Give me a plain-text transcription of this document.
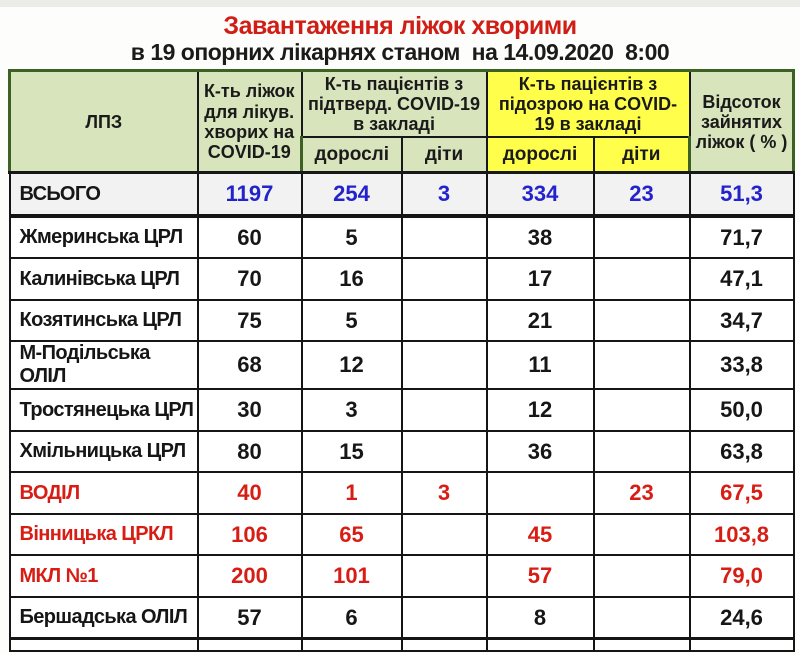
Завантаження ліжок хворими
в 19 опорних лікарнях станом  на 14.09.2020  8:00
ЛПЗ	К-ть ліжок для лікув. хворих на COVID-19	К-ть пацієнтів з підтверд. COVID-19 в закладі		К-ть пацієнтів з підозрою на COVID-19 в закладі		Відсоток зайнятих ліжок ( % )
		дорослі	діти	дорослі	діти	
ВСЬОГО	1197	254	3	334	23	51,3
Жмеринська ЦРЛ	60	5		38		71,7
Калинівська ЦРЛ	70	16		17		47,1
Козятинська ЦРЛ	75	5		21		34,7
М-Подільська ОЛІЛ	68	12		11		33,8
Тростянецька ЦРЛ	30	3		12		50,0
Хмільницька ЦРЛ	80	15		36		63,8
ВОДІЛ	40	1	3		23	67,5
Вінницька ЦРКЛ	106	65		45		103,8
МКЛ №1	200	101		57		79,0
Бершадська ОЛІЛ	57	6		8		24,6
